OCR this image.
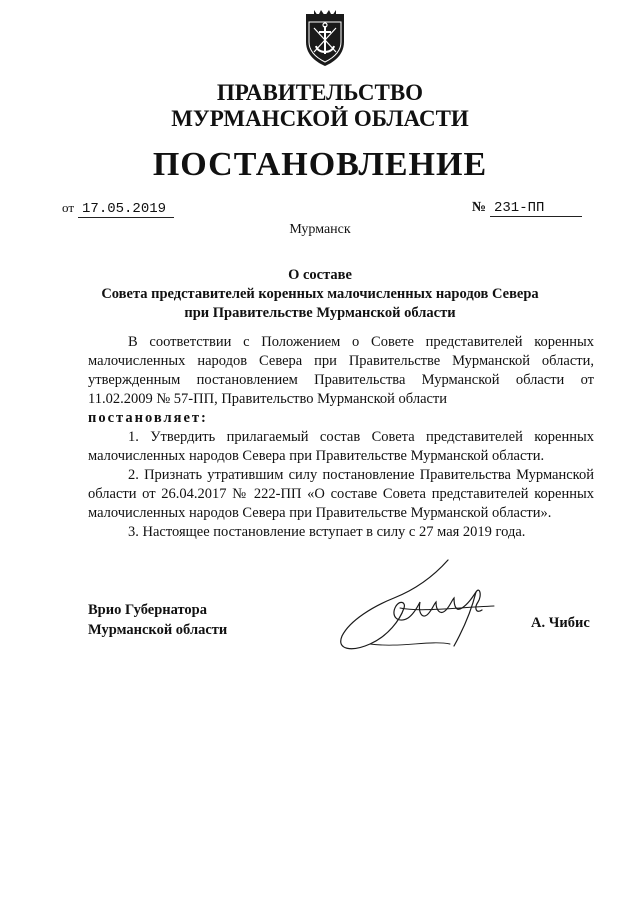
ПРАВИТЕЛЬСТВО
МУРМАНСКОЙ ОБЛАСТИ
ПОСТАНОВЛЕНИЕ
от 17.05.2019	№ 231-ПП
Мурманск
О составе
Совета представителей коренных малочисленных народов Севера
при Правительстве Мурманской области

В соответствии с Положением о Совете представителей коренных малочисленных народов Севера при Правительстве Мурманской области, утвержденным постановлением Правительства Мурманской области от 11.02.2009 № 57-ПП, Правительство Мурманской области

постановляет:

1. Утвердить прилагаемый состав Совета представителей коренных малочисленных народов Севера при Правительстве Мурманской области.

2. Признать утратившим силу постановление Правительства Мурманской области от 26.04.2017 № 222-ПП «О составе Совета представителей коренных малочисленных народов Севера при Правительстве Мурманской области».

3. Настоящее постановление вступает в силу с 27 мая 2019 года.

Врио Губернатора
Мурманской области	А. Чибис
